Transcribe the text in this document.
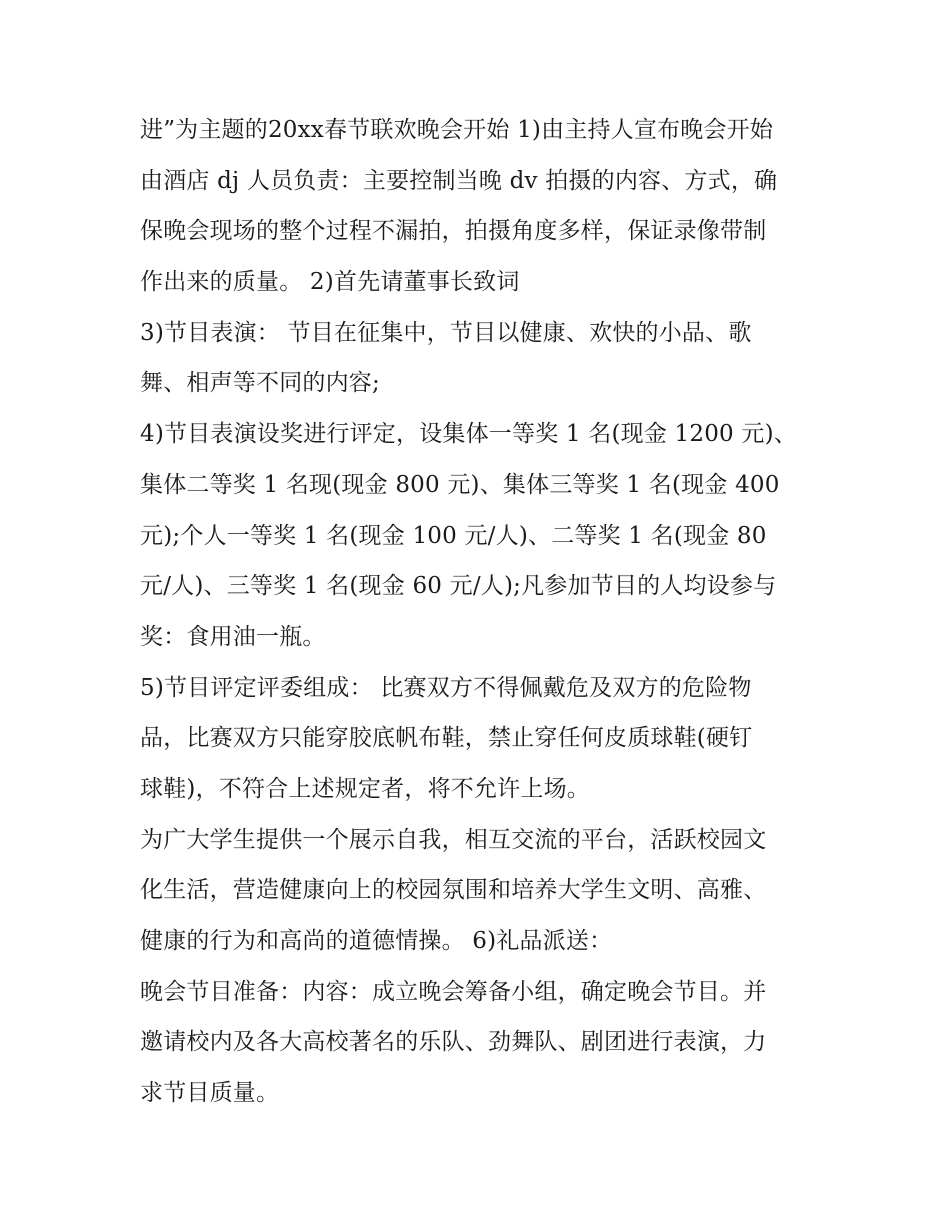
进”为主题的20xx春节联欢晚会开始 1)由主持人宣布晚会开始
由酒店 dj 人员负责：主要控制当晚 dv 拍摄的内容、方式，确
保晚会现场的整个过程不漏拍，拍摄角度多样，保证录像带制
作出来的质量。 2)首先请董事长致词
3)节目表演： 节目在征集中，节目以健康、欢快的小品、歌
舞、相声等不同的内容;
4)节目表演设奖进行评定，设集体一等奖 1 名(现金 1200 元)、
集体二等奖 1 名现(现金 800 元)、集体三等奖 1 名(现金 400
元);个人一等奖 1 名(现金 100 元/人)、二等奖 1 名(现金 80
元/人)、三等奖 1 名(现金 60 元/人);凡参加节目的人均设参与
奖：食用油一瓶。
5)节目评定评委组成： 比赛双方不得佩戴危及双方的危险物
品，比赛双方只能穿胶底帆布鞋，禁止穿任何皮质球鞋(硬钉
球鞋)，不符合上述规定者，将不允许上场。
为广大学生提供一个展示自我，相互交流的平台，活跃校园文
化生活，营造健康向上的校园氛围和培养大学生文明、高雅、
健康的行为和高尚的道德情操。 6)礼品派送：
晚会节目准备：内容：成立晚会筹备小组，确定晚会节目。并
邀请校内及各大高校著名的乐队、劲舞队、剧团进行表演，力
求节目质量。
